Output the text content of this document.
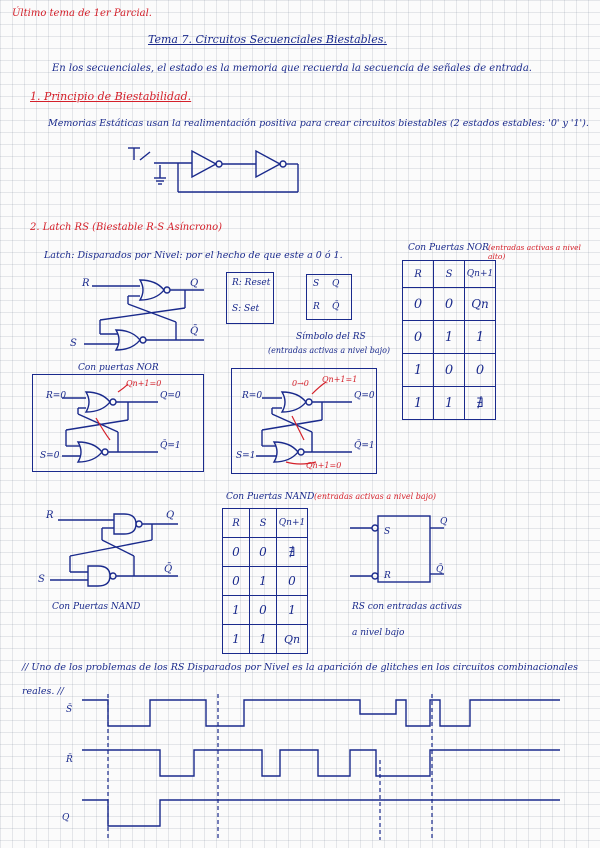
Último tema de 1er Parcial.
Tema 7. Circuitos Secuenciales Biestables.
En los secuenciales, el estado es la memoria que recuerda la secuencia de señales de entrada.
1. Principio de Biestabilidad.
Memorias Estáticas usan la realimentación positiva para crear circuitos biestables (2 estados estables: '0' y '1').
2. Latch RS (Biestable R-S Asíncrono)
Latch: Disparados por Nivel: por el hecho de que este a 0 ó 1.
Con Puertas NOR (entradas activas a nivel alto)
R	S	Qn+1
0	0	Qn
0	1	1
1	0	0
1	1	∄
R: Reset
S: Set
S Q
R Q̄
Símbolo del RS
(entradas activas a nivel bajo)
R
S
Q
Q̄
Con puertas NOR
R=0
S=0
Q=0
Q̄=1
Qn+1=0
R=0
S=1
Q=0
Q̄=1
0→0 Qn+1=1
Qn+1=0
Con Puertas NAND (entradas activas a nivel bajo)
R	S	Qn+1
0	0	∄
0	1	0
1	0	1
1	1	Qn
R
S
Q
Q̄
S
R
Q
Q̄
Con Puertas NAND	RS con entradas activas
a nivel bajo
// Uno de los problemas de los RS Disparados por Nivel es la aparición de glitches en los circuitos combinacionales reales. //
S̄
R̄
Q
